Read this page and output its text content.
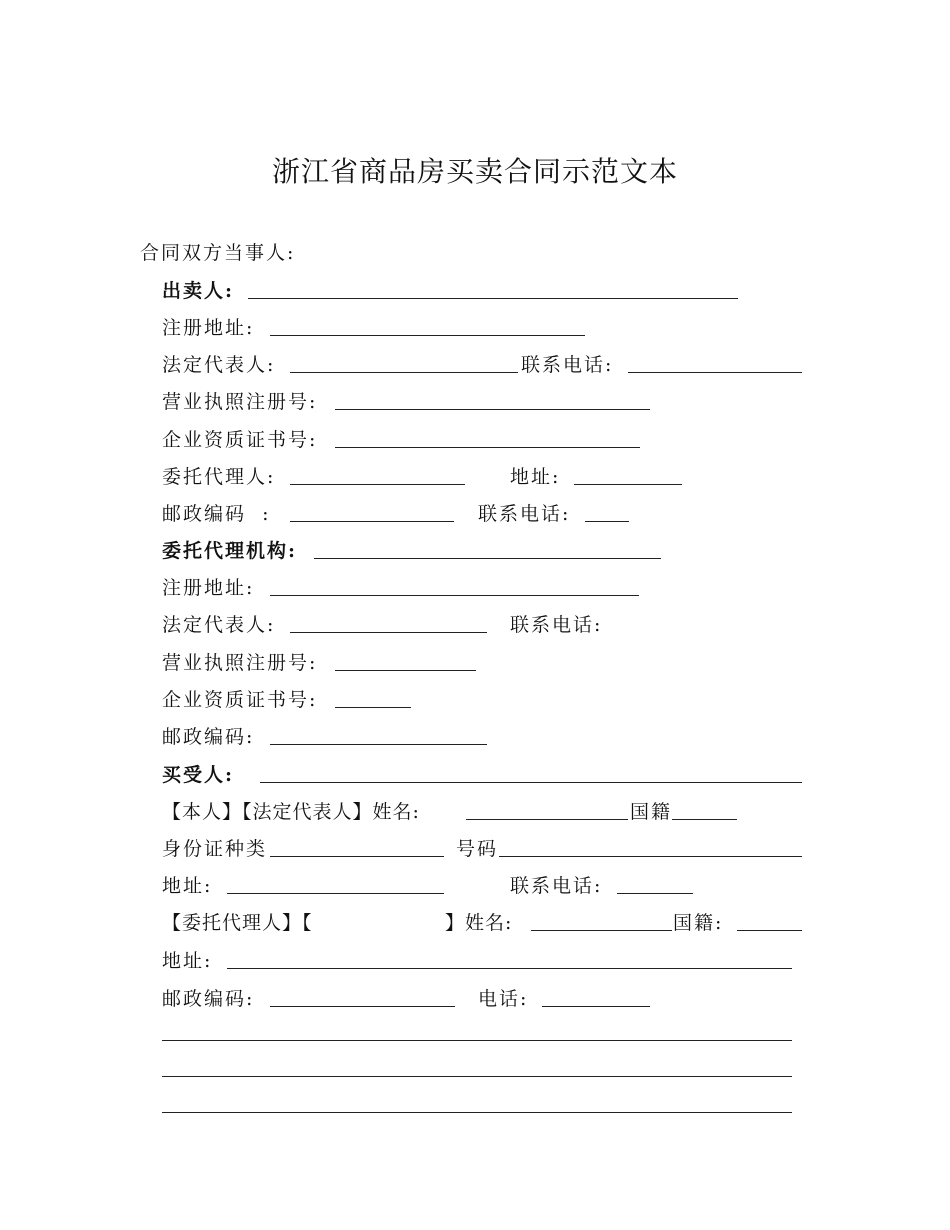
浙江省商品房买卖合同示范文本
合同双方当事人:
出卖人:
注册地址:
法定代表人:	联系电话:
营业执照注册号:
企业资质证书号:
委托代理人:	地址:
邮政编码  :	联系电话:
委托代理机构:
注册地址:
法定代表人:	联系电话:
营业执照注册号:
企业资质证书号:
邮政编码:
买受人:
【本人】【法定代表人】姓名:	国籍
身份证种类	号码
地址:	联系电话:
【委托代理人】【	】姓名:	国籍:
地址:
邮政编码:	电话:
